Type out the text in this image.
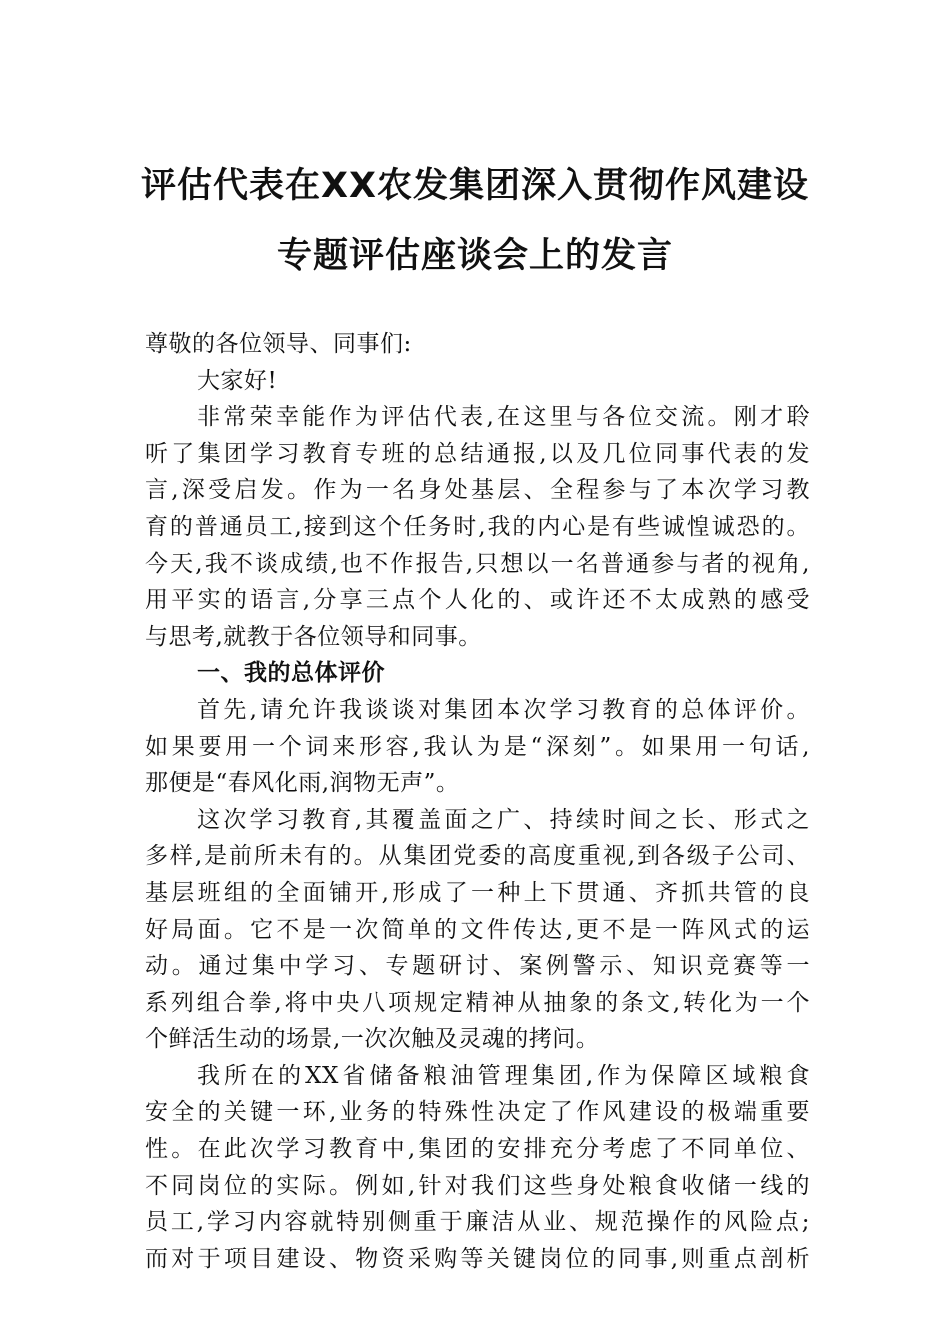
评估代表在XX农发集团深入贯彻作风建设
专题评估座谈会上的发言
尊敬的各位领导、同事们:
大家好!
非常荣幸能作为评估代表,在这里与各位交流。刚才聆
听了集团学习教育专班的总结通报,以及几位同事代表的发
言,深受启发。作为一名身处基层、全程参与了本次学习教
育的普通员工,接到这个任务时,我的内心是有些诚惶诚恐的。
今天,我不谈成绩,也不作报告,只想以一名普通参与者的视角,
用平实的语言,分享三点个人化的、或许还不太成熟的感受
与思考,就教于各位领导和同事。
一、我的总体评价
首先,请允许我谈谈对集团本次学习教育的总体评价。
如果要用一个词来形容,我认为是“深刻”。如果用一句话,
那便是“春风化雨,润物无声”。
这次学习教育,其覆盖面之广、持续时间之长、形式之
多样,是前所未有的。从集团党委的高度重视,到各级子公司、
基层班组的全面铺开,形成了一种上下贯通、齐抓共管的良
好局面。它不是一次简单的文件传达,更不是一阵风式的运
动。通过集中学习、专题研讨、案例警示、知识竞赛等一
系列组合拳,将中央八项规定精神从抽象的条文,转化为一个
个鲜活生动的场景,一次次触及灵魂的拷问。
我所在的XX省储备粮油管理集团,作为保障区域粮食
安全的关键一环,业务的特殊性决定了作风建设的极端重要
性。在此次学习教育中,集团的安排充分考虑了不同单位、
不同岗位的实际。例如,针对我们这些身处粮食收储一线的
员工,学习内容就特别侧重于廉洁从业、规范操作的风险点;
而对于项目建设、物资采购等关键岗位的同事,则重点剖析
